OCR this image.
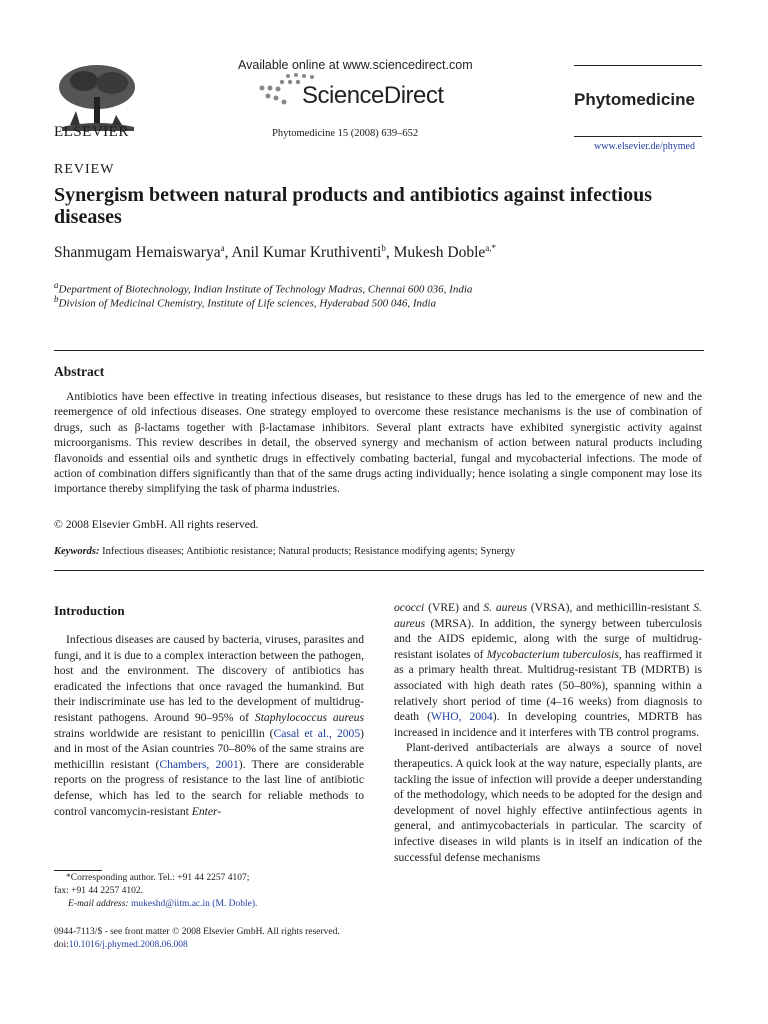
ELSEVIER
Available online at www.sciencedirect.com
ScienceDirect
Phytomedicine 15 (2008) 639–652
Phytomedicine
www.elsevier.de/phymed
REVIEW
Synergism between natural products and antibiotics against infectious diseases
Shanmugam Hemaiswarya$^a$, Anil Kumar Kruthiventi$^b$, Mukesh Doble$^{a,*}$
$^a$Department of Biotechnology, Indian Institute of Technology Madras, Chennai 600 036, India
$^b$Division of Medicinal Chemistry, Institute of Life sciences, Hyderabad 500 046, India
Abstract
Antibiotics have been effective in treating infectious diseases, but resistance to these drugs has led to the emergence of new and the reemergence of old infectious diseases. One strategy employed to overcome these resistance mechanisms is the use of combination of drugs, such as β-lactams together with β-lactamase inhibitors. Several plant extracts have exhibited synergistic activity against microorganisms. This review describes in detail, the observed synergy and mechanism of action between natural products including flavonoids and essential oils and synthetic drugs in effectively combating bacterial, fungal and mycobacterial infections. The mode of action of combination differs significantly than that of the same drugs acting individually; hence isolating a single component may lose its importance thereby simplifying the task of pharma industries.
© 2008 Elsevier GmbH. All rights reserved.
Keywords: Infectious diseases; Antibiotic resistance; Natural products; Resistance modifying agents; Synergy
Introduction

Infectious diseases are caused by bacteria, viruses, parasites and fungi, and it is due to a complex interaction between the pathogen, host and the environment. The discovery of antibiotics has eradicated the infections that once ravaged the humankind. But their indiscriminate use has led to the development of multidrug-resistant pathogens. Around 90–95% of Staphylococcus aureus strains worldwide are resistant to penicillin (Casal et al., 2005) and in most of the Asian countries 70–80% of the same strains are methicillin resistant (Chambers, 2001). There are considerable reports on the progress of resistance to the last line of antibiotic defense, which has led to the search for reliable methods to control vancomycin-resistant Enter-

ococci (VRE) and S. aureus (VRSA), and methicillin-resistant S. aureus (MRSA). In addition, the synergy between tuberculosis and the AIDS epidemic, along with the surge of multidrug-resistant isolates of Mycobacterium tuberculosis, has reaffirmed it as a primary health threat. Multidrug-resistant TB (MDRTB) is associated with high death rates (50–80%), spanning within a relatively short period of time (4–16 weeks) from diagnosis to death (WHO, 2004). In developing countries, MDRTB has increased in incidence and it interferes with TB control programs.

Plant-derived antibacterials are always a source of novel therapeutics. A quick look at the way nature, especially plants, are tackling the issue of infection will provide a deeper understanding of the methodology, which needs to be adopted for the design and development of novel highly effective antiinfectious agents in general, and antimycobacterials in particular. The scarcity of infective diseases in wild plants is in itself an indication of the successful defense mechanisms

*Corresponding author. Tel.: +91 44 2257 4107;
fax: +91 44 2257 4102.
E-mail address: mukeshd@iitm.ac.in (M. Doble).
0944-7113/$ - see front matter © 2008 Elsevier GmbH. All rights reserved.
doi:10.1016/j.phymed.2008.06.008
